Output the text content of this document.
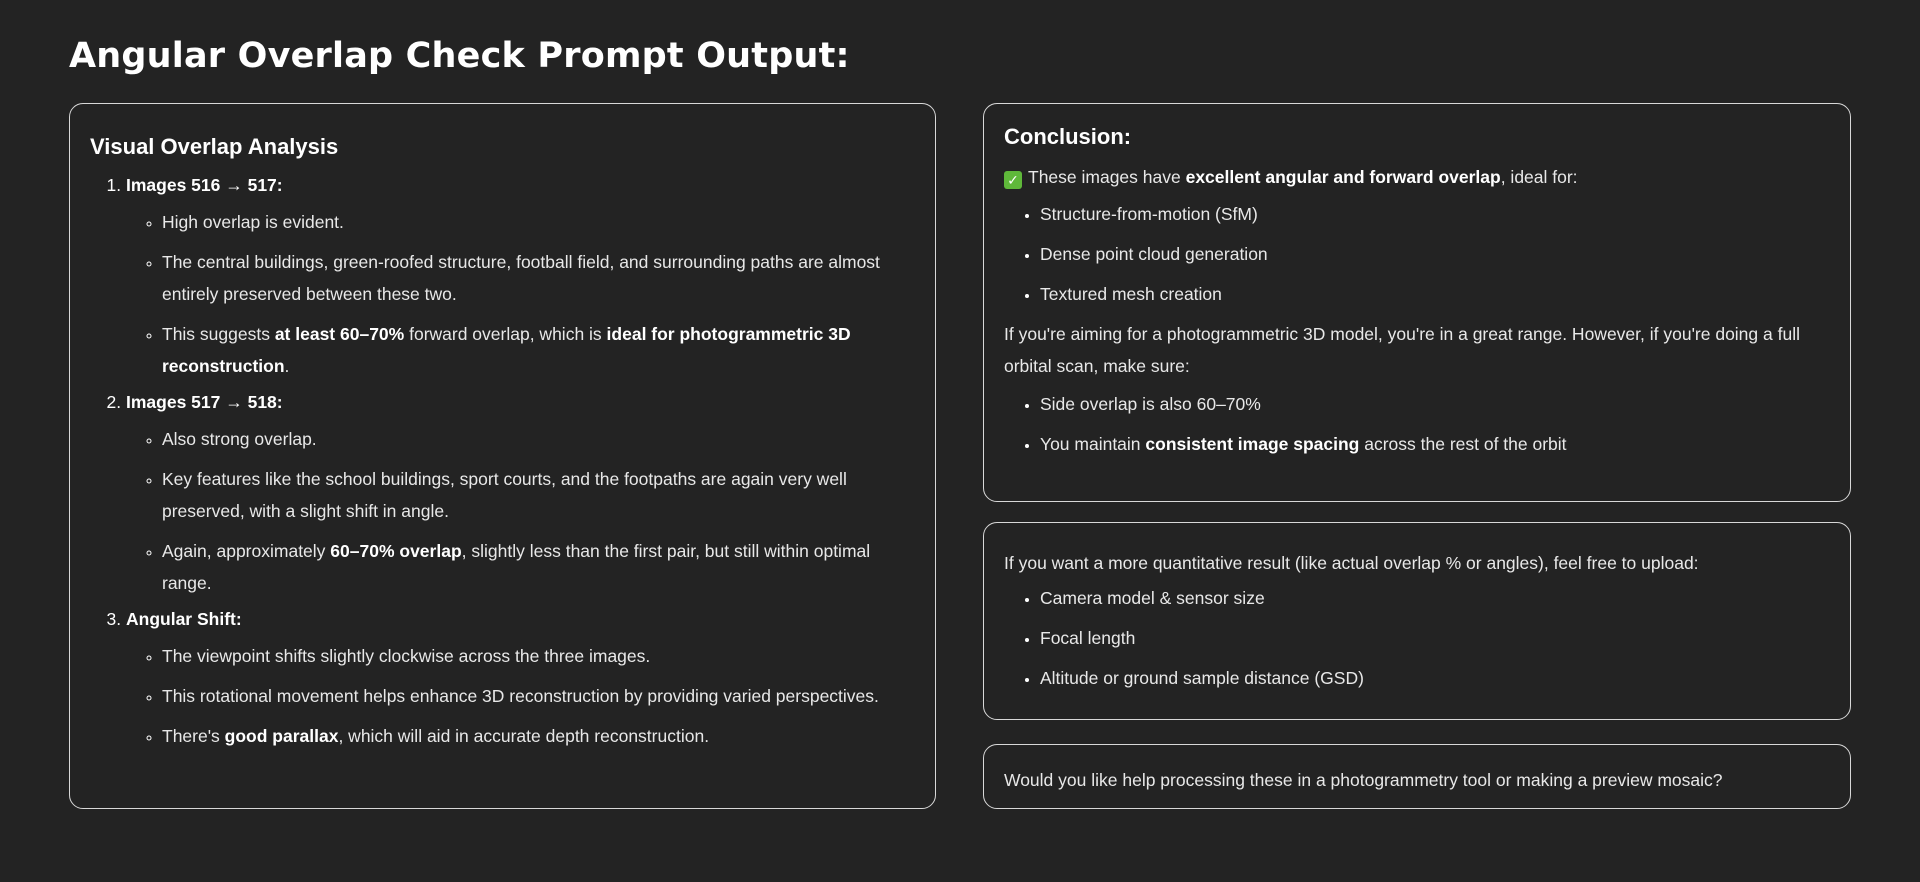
Angular Overlap Check Prompt Output:
Visual Overlap Analysis
1. Images 516 → 517:
◦ High overlap is evident.
◦ The central buildings, green-roofed structure, football field, and surrounding paths are almost entirely preserved between these two.
◦ This suggests at least 60–70% forward overlap, which is ideal for photogrammetric 3D reconstruction.
2. Images 517 → 518:
◦ Also strong overlap.
◦ Key features like the school buildings, sport courts, and the footpaths are again very well preserved, with a slight shift in angle.
◦ Again, approximately 60–70% overlap, slightly less than the first pair, but still within optimal range.
3. Angular Shift:
◦ The viewpoint shifts slightly clockwise across the three images.
◦ This rotational movement helps enhance 3D reconstruction by providing varied perspectives.
◦ There's good parallax, which will aid in accurate depth reconstruction.
Conclusion:
✓ These images have excellent angular and forward overlap, ideal for:
• Structure-from-motion (SfM)
• Dense point cloud generation
• Textured mesh creation

If you're aiming for a photogrammetric 3D model, you're in a great range. However, if you're doing a full orbital scan, make sure:

• Side overlap is also 60–70%
• You maintain consistent image spacing across the rest of the orbit
If you want a more quantitative result (like actual overlap % or angles), feel free to upload:
• Camera model & sensor size
• Focal length
• Altitude or ground sample distance (GSD)
Would you like help processing these in a photogrammetry tool or making a preview mosaic?
